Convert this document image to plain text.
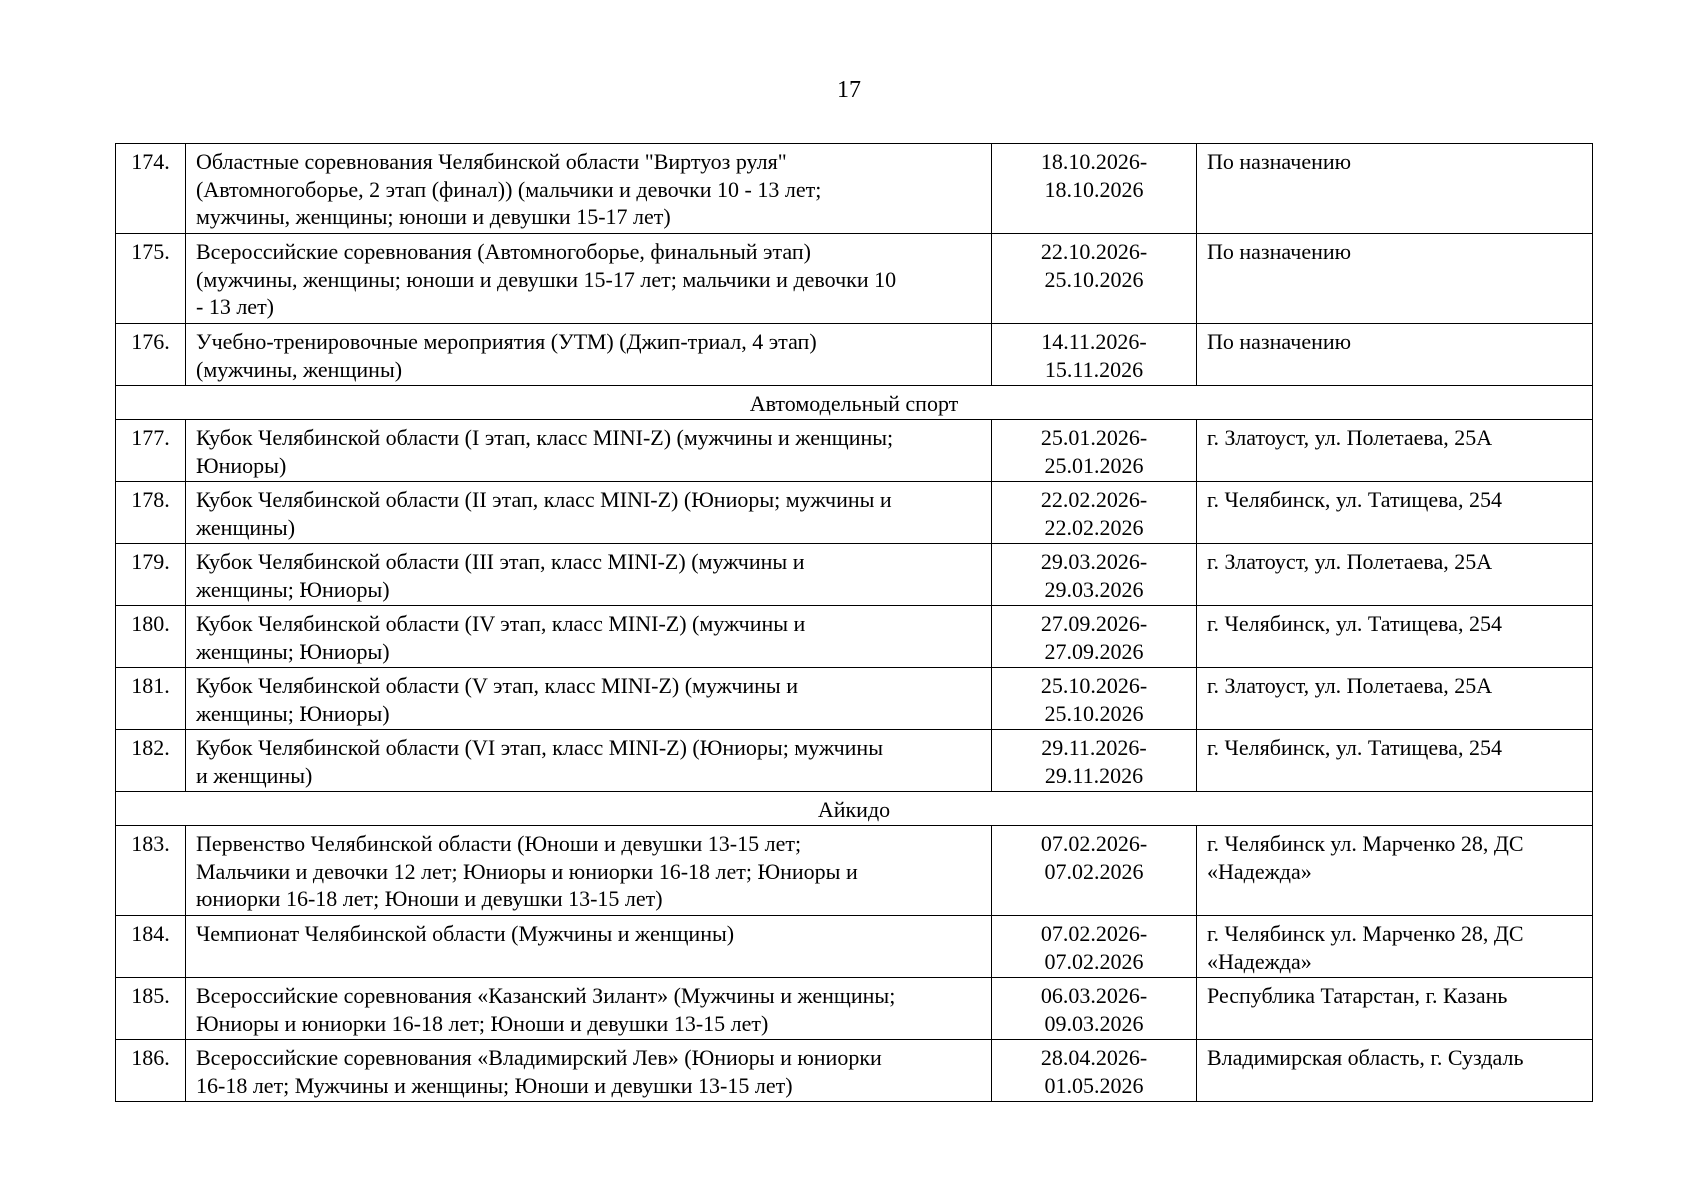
17
174.	Областные соревнования Челябинской области "Виртуоз руля"
(Автомногоборье, 2 этап (финал)) (мальчики и девочки 10 - 13 лет;
мужчины, женщины; юноши и девушки 15-17 лет)	18.10.2026-
18.10.2026	По назначению

175.	Всероссийские соревнования (Автомногоборье, финальный этап)
(мужчины, женщины; юноши и девушки 15-17 лет; мальчики и девочки 10
- 13 лет)	22.10.2026-
25.10.2026	По назначению

176.	Учебно-тренировочные мероприятия (УТМ) (Джип-триал, 4 этап)
(мужчины, женщины)	14.11.2026-
15.11.2026	По назначению

Автомодельный спорт			
177.	Кубок Челябинской области (I этап, класс MINI-Z) (мужчины и женщины;
Юниоры)	25.01.2026-
25.01.2026	г. Златоуст, ул. Полетаева, 25А

178.	Кубок Челябинской области (II этап, класс MINI-Z) (Юниоры; мужчины и
женщины)	22.02.2026-
22.02.2026	г. Челябинск, ул. Татищева, 254

179.	Кубок Челябинской области (III этап, класс MINI-Z) (мужчины и
женщины; Юниоры)	29.03.2026-
29.03.2026	г. Златоуст, ул. Полетаева, 25А

180.	Кубок Челябинской области (IV этап, класс MINI-Z) (мужчины и
женщины; Юниоры)	27.09.2026-
27.09.2026	г. Челябинск, ул. Татищева, 254

181.	Кубок Челябинской области (V этап, класс MINI-Z) (мужчины и
женщины; Юниоры)	25.10.2026-
25.10.2026	г. Златоуст, ул. Полетаева, 25А

182.	Кубок Челябинской области (VI этап, класс MINI-Z) (Юниоры; мужчины
и женщины)	29.11.2026-
29.11.2026	г. Челябинск, ул. Татищева, 254

Айкидо			
183.	Первенство Челябинской области (Юноши и девушки 13-15 лет;
Мальчики и девочки 12 лет; Юниоры и юниорки 16-18 лет; Юниоры и
юниорки 16-18 лет; Юноши и девушки 13-15 лет)	07.02.2026-
07.02.2026	г. Челябинск ул. Марченко 28, ДС
«Надежда»

184.	Чемпионат Челябинской области (Мужчины и женщины)	07.02.2026-
07.02.2026	г. Челябинск ул. Марченко 28, ДС
«Надежда»

185.	Всероссийские соревнования «Казанский Зилант» (Мужчины и женщины;
Юниоры и юниорки 16-18 лет; Юноши и девушки 13-15 лет)	06.03.2026-
09.03.2026	Республика Татарстан, г. Казань

186.	Всероссийские соревнования «Владимирский Лев» (Юниоры и юниорки
16-18 лет; Мужчины и женщины; Юноши и девушки 13-15 лет)	28.04.2026-
01.05.2026	Владимирская область, г. Суздаль
